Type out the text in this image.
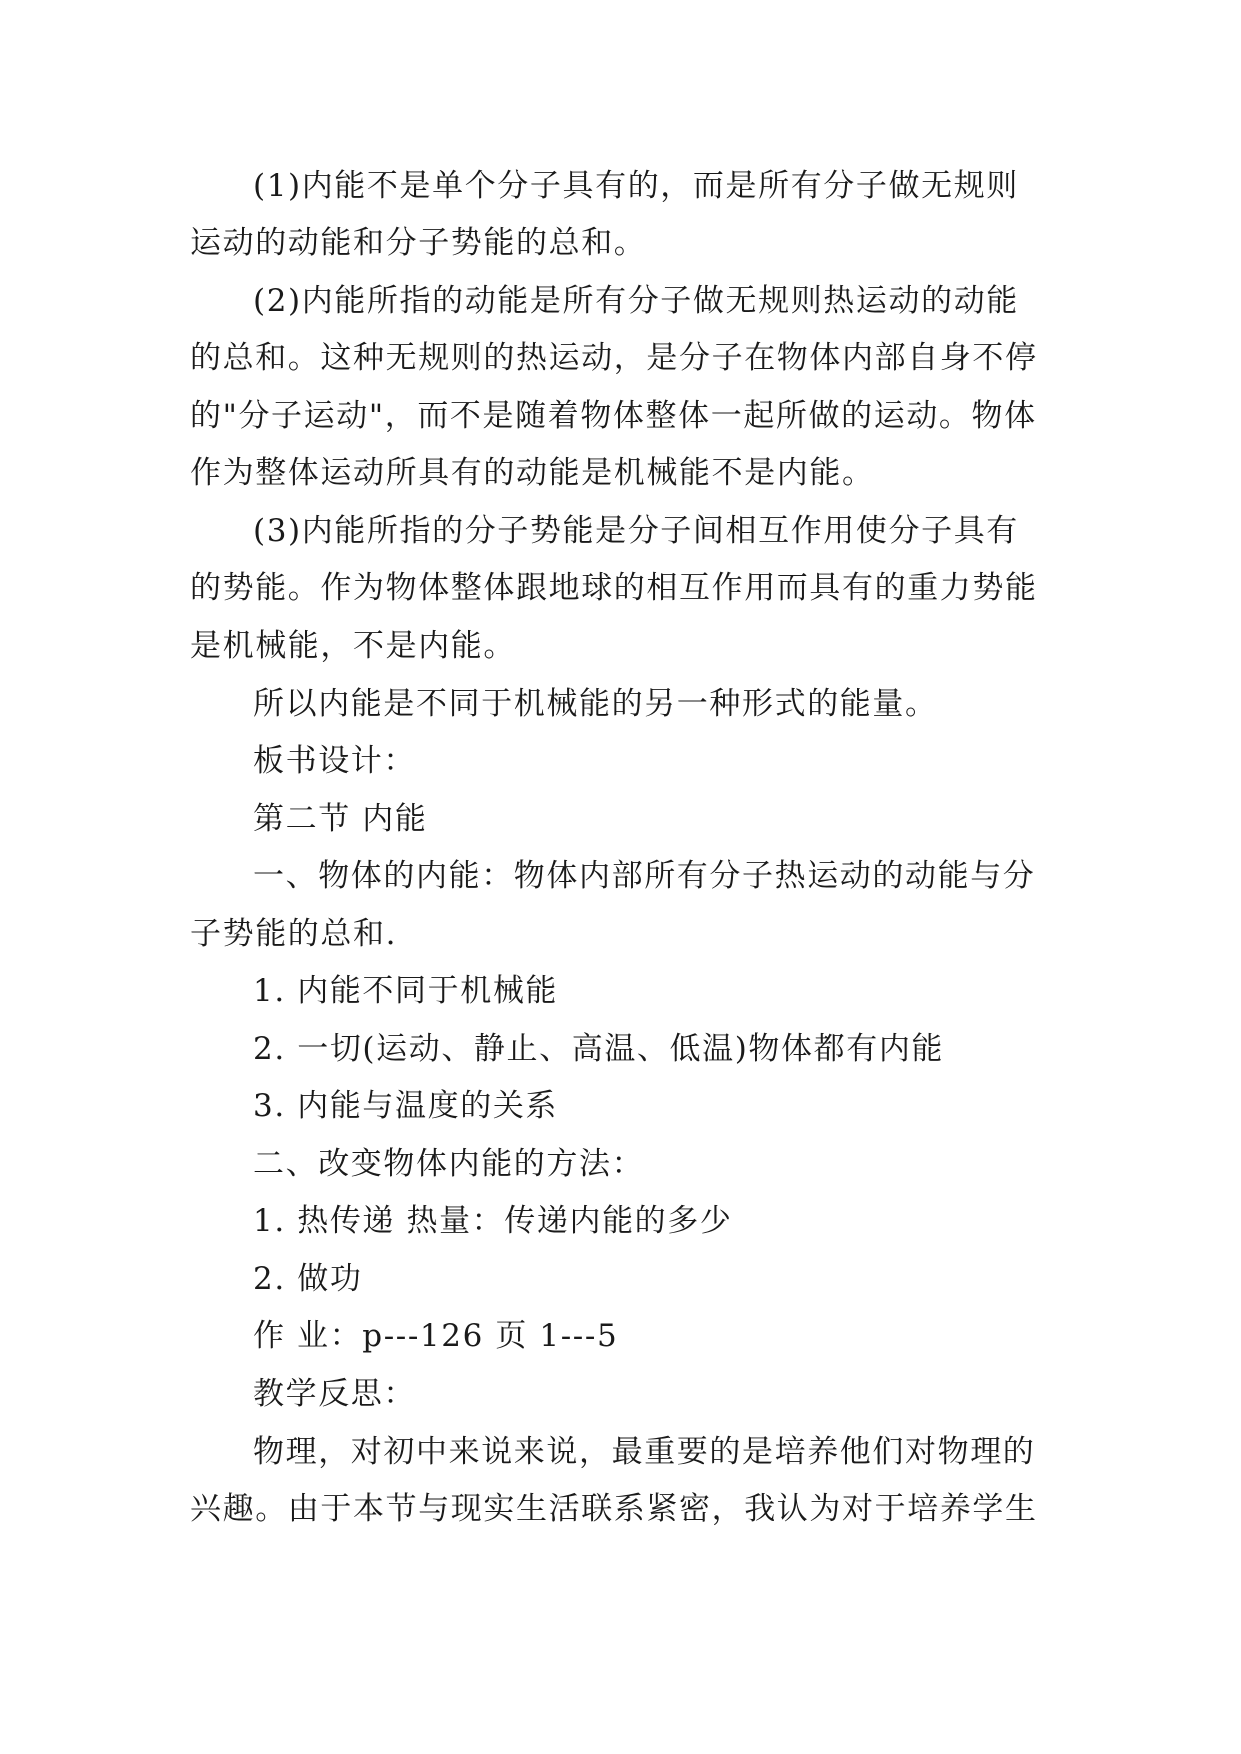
(1)内能不是单个分子具有的，而是所有分子做无规则
运动的动能和分子势能的总和。
(2)内能所指的动能是所有分子做无规则热运动的动能
的总和。这种无规则的热运动，是分子在物体内部自身不停
的"分子运动"，而不是随着物体整体一起所做的运动。物体
作为整体运动所具有的动能是机械能不是内能。
(3)内能所指的分子势能是分子间相互作用使分子具有
的势能。作为物体整体跟地球的相互作用而具有的重力势能
是机械能，不是内能。
所以内能是不同于机械能的另一种形式的能量。
板书设计：
第二节 内能
一、物体的内能：物体内部所有分子热运动的动能与分
子势能的总和.
1. 内能不同于机械能
2. 一切(运动、静止、高温、低温)物体都有内能
3. 内能与温度的关系
二、改变物体内能的方法：
1. 热传递 热量：传递内能的多少
2. 做功
作 业：p---126 页 1---5
教学反思：
物理，对初中来说来说，最重要的是培养他们对物理的
兴趣。由于本节与现实生活联系紧密，我认为对于培养学生
